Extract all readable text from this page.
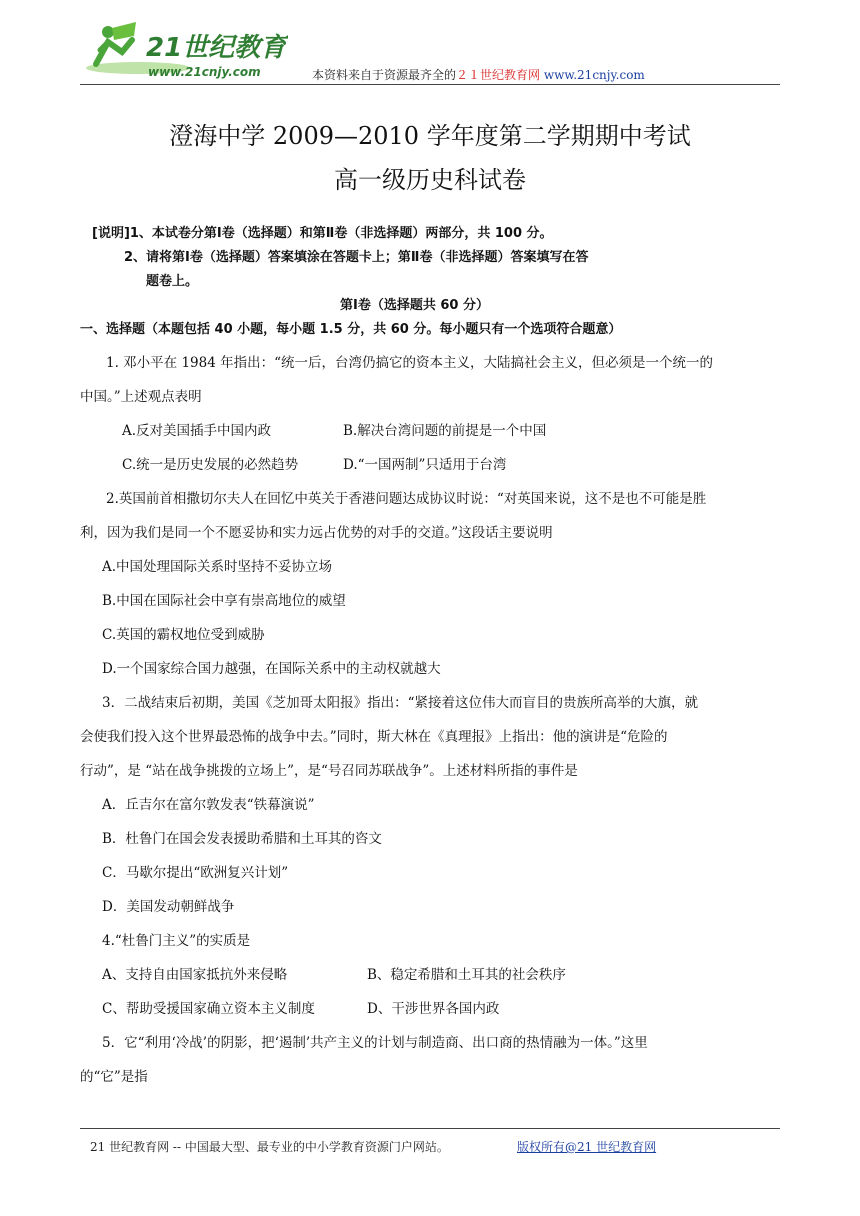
21世纪教育
www.21cnjy.com	本资料来自于资源最齐全的２１世纪教育网 www.21cnjy.com
澄海中学 2009—2010 学年度第二学期期中考试
高一级历史科试卷
[说明]1、本试卷分第Ⅰ卷（选择题）和第Ⅱ卷（非选择题）两部分，共 100 分。
2、请将第Ⅰ卷（选择题）答案填涂在答题卡上；第Ⅱ卷（非选择题）答案填写在答
题卷上。
第Ⅰ卷（选择题共 60 分）
一、选择题（本题包括 40 小题，每小题 1.5 分，共 60 分。每小题只有一个选项符合题意）
1. 邓小平在 1984 年指出：“统一后，台湾仍搞它的资本主义，大陆搞社会主义，但必须是一个统一的
中国。”上述观点表明
A.反对美国插手中国内政	B.解决台湾问题的前提是一个中国
C.统一是历史发展的必然趋势	D.“一国两制”只适用于台湾
2.英国前首相撒切尔夫人在回忆中英关于香港问题达成协议时说：“对英国来说，这不是也不可能是胜
利，因为我们是同一个不愿妥协和实力远占优势的对手的交道。”这段话主要说明
A.中国处理国际关系时坚持不妥协立场
B.中国在国际社会中享有崇高地位的威望
C.英国的霸权地位受到威胁
D.一个国家综合国力越强，在国际关系中的主动权就越大
3．二战结束后初期，美国《芝加哥太阳报》指出：“紧接着这位伟大而盲目的贵族所高举的大旗，就
会使我们投入这个世界最恐怖的战争中去。”同时，斯大林在《真理报》上指出：他的演讲是“危险的
行动”，是 “站在战争挑拨的立场上”，是“号召同苏联战争”。上述材料所指的事件是
A．丘吉尔在富尔敦发表“铁幕演说”
B．杜鲁门在国会发表援助希腊和土耳其的咨文
C．马歇尔提出“欧洲复兴计划”
D．美国发动朝鲜战争
4.“杜鲁门主义”的实质是
A、支持自由国家抵抗外来侵略	B、稳定希腊和土耳其的社会秩序
C、帮助受援国家确立资本主义制度	D、干涉世界各国内政
5．它“利用‘冷战’的阴影，把‘遏制’共产主义的计划与制造商、出口商的热情融为一体。”这里
的“它”是指
21 世纪教育网 -- 中国最大型、最专业的中小学教育资源门户网站。	版权所有@21 世纪教育网
